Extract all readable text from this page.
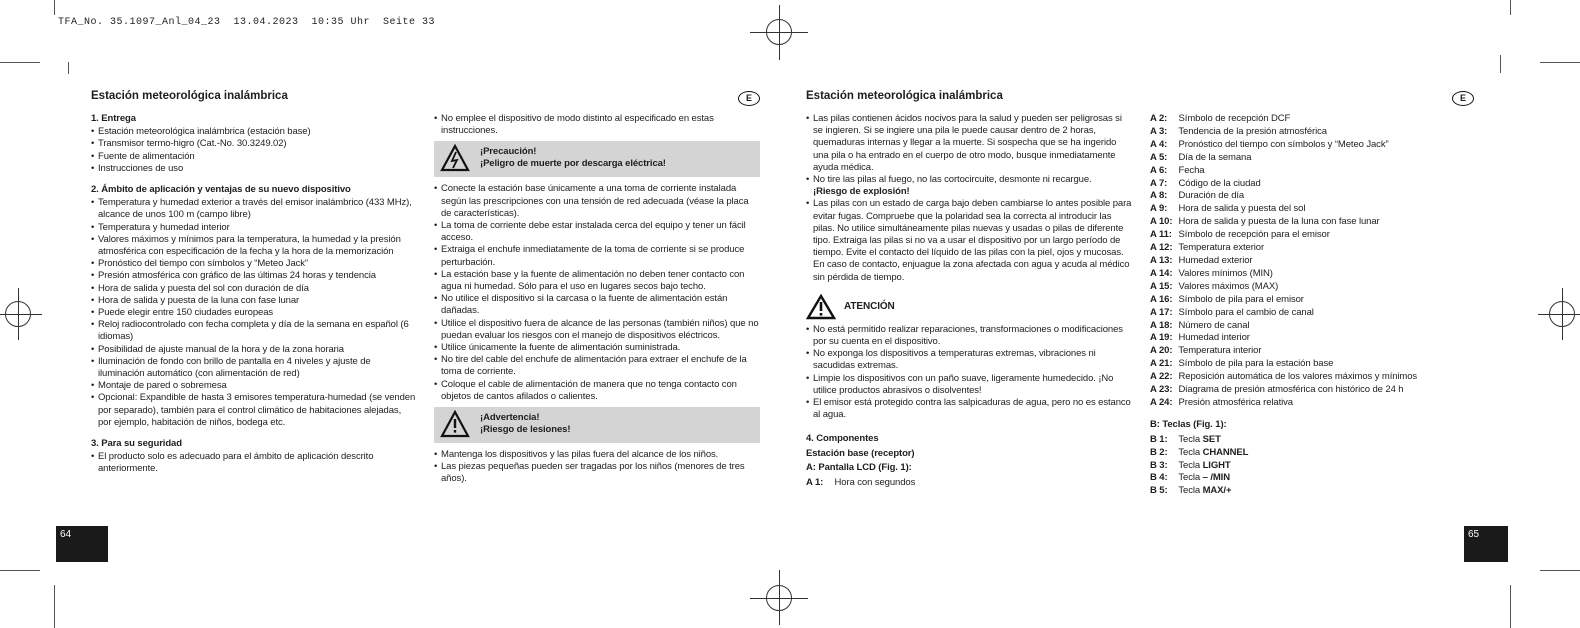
TFA_No. 35.1097_Anl_04_23  13.04.2023  10:35 Uhr  Seite 33
Estación meteorológica inalámbrica	E
1. Entrega
• Estación meteorológica inalámbrica (estación base)
• Transmisor termo-higro (Cat.-No. 30.3249.02)
• Fuente de alimentación
• Instrucciones de uso
2. Ámbito de aplicación y ventajas de su nuevo dispositivo
• Temperatura y humedad exterior a través del emisor inalámbrico (433 MHz), alcance de unos 100 m (campo libre)
• Temperatura y humedad interior
• Valores máximos y mínimos para la temperatura, la humedad y la presión atmosférica con especificación de la fecha y la hora de la memorización
• Pronóstico del tiempo con símbolos y “Meteo Jack”
• Presión atmosférica con gráfico de las últimas 24 horas y tendencia
• Hora de salida y puesta del sol con duración de día
• Hora de salida y puesta de la luna con fase lunar
• Puede elegir entre 150 ciudades europeas
• Reloj radiocontrolado con fecha completa y día de la semana en español (6 idiomas)
• Posibilidad de ajuste manual de la hora y de la zona horaria
• Iluminación de fondo con brillo de pantalla en 4 niveles y ajuste de iluminación automático (con alimentación de red)
• Montaje de pared o sobremesa
• Opcional: Expandible de hasta 3 emisores temperatura-humedad (se venden por separado), también para el control climático de habitaciones alejadas, por ejemplo, habitación de niños, bodega etc.
3. Para su seguridad
• El producto solo es adecuado para el ámbito de aplicación descrito anteriormente.
• No emplee el dispositivo de modo distinto al especificado en estas instrucciones.
¡Precaución!
¡Peligro de muerte por descarga eléctrica!
• Conecte la estación base únicamente a una toma de corriente instalada según las prescripciones con una tensión de red adecuada (véase la placa de características).
• La toma de corriente debe estar instalada cerca del equipo y tener un fácil acceso.
• Extraiga el enchufe inmediatamente de la toma de corriente si se produce perturbación.
• La estación base y la fuente de alimentación no deben tener contacto con agua ni humedad. Sólo para el uso en lugares secos bajo techo.
• No utilice el dispositivo si la carcasa o la fuente de alimentación están dañadas.
• Utilice el dispositivo fuera de alcance de las personas (también niños) que no puedan evaluar los riesgos con el manejo de dispositivos eléctricos.
• Utilice únicamente la fuente de alimentación suministrada.
• No tire del cable del enchufe de alimentación para extraer el enchufe de la toma de corriente.
• Coloque el cable de alimentación de manera que no tenga contacto con objetos de cantos afilados o calientes.
¡Advertencia!
¡Riesgo de lesiones!
• Mantenga los dispositivos y las pilas fuera del alcance de los niños.
• Las piezas pequeñas pueden ser tragadas por los niños (menores de tres años).
64
Estación meteorológica inalámbrica	E
• Las pilas contienen ácidos nocivos para la salud y pueden ser peligrosas si se ingieren. Si se ingiere una pila le puede causar dentro de 2 horas, quemaduras internas y llegar a la muerte. Si sospecha que se ha ingerido una pila o ha entrado en el cuerpo de otro modo, busque inmediatamente ayuda médica.
• No tire las pilas al fuego, no las cortocircuite, desmonte ni recargue.
¡Riesgo de explosión!
• Las pilas con un estado de carga bajo deben cambiarse lo antes posible para evitar fugas. Compruebe que la polaridad sea la correcta al introducir las pilas. No utilice simultáneamente pilas nuevas y usadas o pilas de diferente tipo. Extraiga las pilas si no va a usar el dispositivo por un largo período de tiempo. Evite el contacto del líquido de las pilas con la piel, ojos y mucosas. En caso de contacto, enjuague la zona afectada con agua y acuda al médico sin pérdida de tiempo.
ATENCIÓN
• No está permitido realizar reparaciones, transformaciones o modificaciones por su cuenta en el dispositivo.
• No exponga los dispositivos a temperaturas extremas, vibraciones ni sacudidas extremas.
• Limpie los dispositivos con un paño suave, ligeramente humedecido. ¡No utilice productos abrasivos o disolventes!
• El emisor está protegido contra las salpicaduras de agua, pero no es estanco al agua.
4. Componentes
Estación base (receptor)
A: Pantalla LCD (Fig. 1):
A 1: Hora con segundos
A 2: Símbolo de recepción DCF
A 3: Tendencia de la presión atmosférica
A 4: Pronóstico del tiempo con símbolos y “Meteo Jack”
A 5: Día de la semana
A 6: Fecha
A 7: Código de la ciudad
A 8: Duración de día
A 9: Hora de salida y puesta del sol
A 10: Hora de salida y puesta de la luna con fase lunar
A 11: Símbolo de recepción para el emisor
A 12: Temperatura exterior
A 13: Humedad exterior
A 14: Valores mínimos (MIN)
A 15: Valores máximos (MAX)
A 16: Símbolo de pila para el emisor
A 17: Símbolo para el cambio de canal
A 18: Número de canal
A 19: Humedad interior
A 20: Temperatura interior
A 21: Símbolo de pila para la estación base
A 22: Reposición automática de los valores máximos y mínimos
A 23: Diagrama de presión atmosférica con histórico de 24 h
A 24: Presión atmosférica relativa
B: Teclas (Fig. 1):
B 1: Tecla SET
B 2: Tecla CHANNEL
B 3: Tecla LIGHT
B 4: Tecla – /MIN
B 5: Tecla MAX/+
65
